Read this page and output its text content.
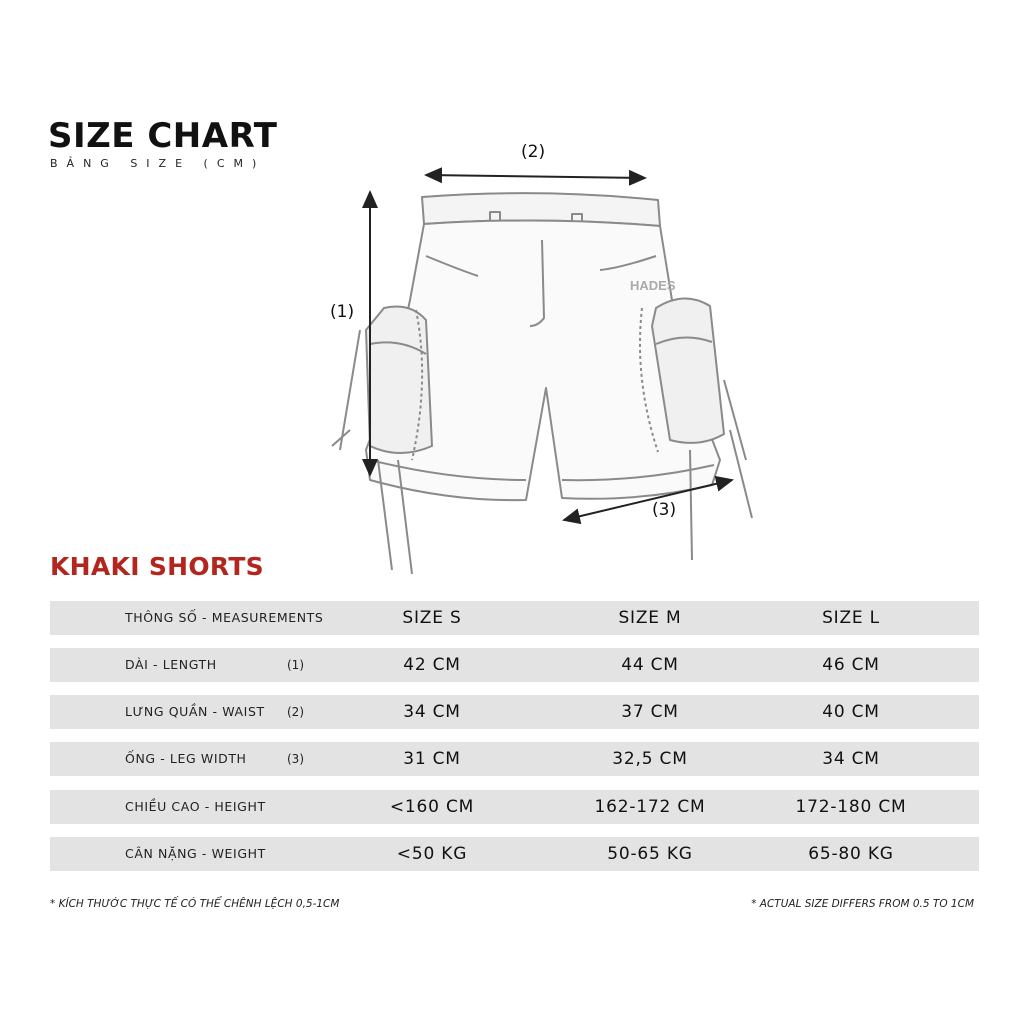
SIZE CHART
BẢNG SIZE (CM)
HADES
(1)
(2)
(3)
KHAKI SHORTS
THÔNG SỐ - MEASUREMENTS	SIZE S	SIZE M	SIZE L
DÀI - LENGTH	(1)	42 CM	44 CM	46 CM
LƯNG QUẦN - WAIST (2)	34 CM	37 CM	40 CM
ỐNG - LEG WIDTH	(3)	31 CM	32,5 CM	34 CM
CHIỀU CAO - HEIGHT	<160 CM	162-172 CM	172-180 CM
CÂN NẶNG - WEIGHT	<50 KG	50-65 KG	65-80 KG
* KÍCH THƯỚC THỰC TẾ CÓ THỂ CHÊNH LỆCH 0,5-1CM	* ACTUAL SIZE DIFFERS FROM 0.5 TO 1CM
